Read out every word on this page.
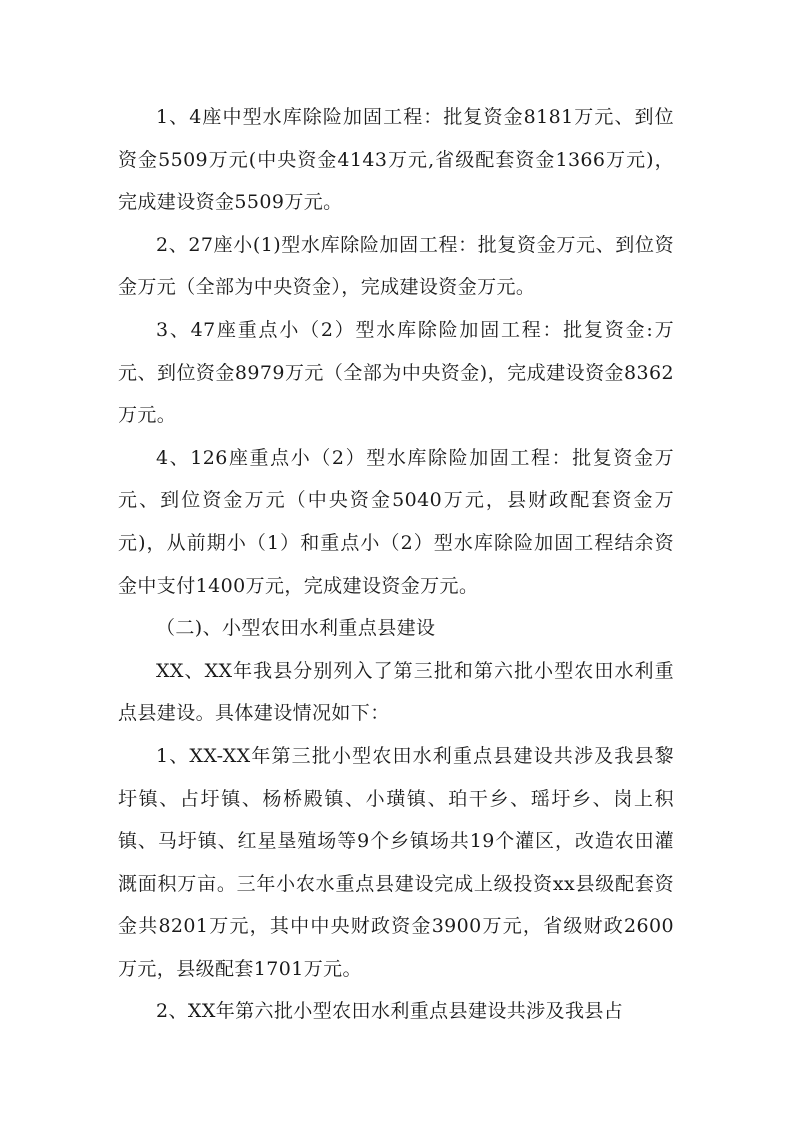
1、4座中型水库除险加固工程：批复资金8181万元、到位资金5509万元(中央资金4143万元,省级配套资金1366万元)，完成建设资金5509万元。

2、27座小(1)型水库除险加固工程：批复资金万元、到位资金万元（全部为中央资金），完成建设资金万元。

3、47座重点小（2）型水库除险加固工程：批复资金:万元、到位资金8979万元（全部为中央资金)，完成建设资金8362万元。

4、126座重点小（2）型水库除险加固工程：批复资金万元、到位资金万元（中央资金5040万元，县财政配套资金万元)，从前期小（1）和重点小（2）型水库除险加固工程结余资金中支付1400万元，完成建设资金万元。

（二)、小型农田水利重点县建设

XX、XX年我县分别列入了第三批和第六批小型农田水利重点县建设。具体建设情况如下：

1、XX-XX年第三批小型农田水利重点县建设共涉及我县黎圩镇、占圩镇、杨桥殿镇、小璜镇、珀干乡、瑶圩乡、岗上积镇、马圩镇、红星垦殖场等9个乡镇场共19个灌区，改造农田灌溉面积万亩。三年小农水重点县建设完成上级投资xx县级配套资金共8201万元，其中中央财政资金3900万元，省级财政2600万元，县级配套1701万元。

2、XX年第六批小型农田水利重点县建设共涉及我县占
